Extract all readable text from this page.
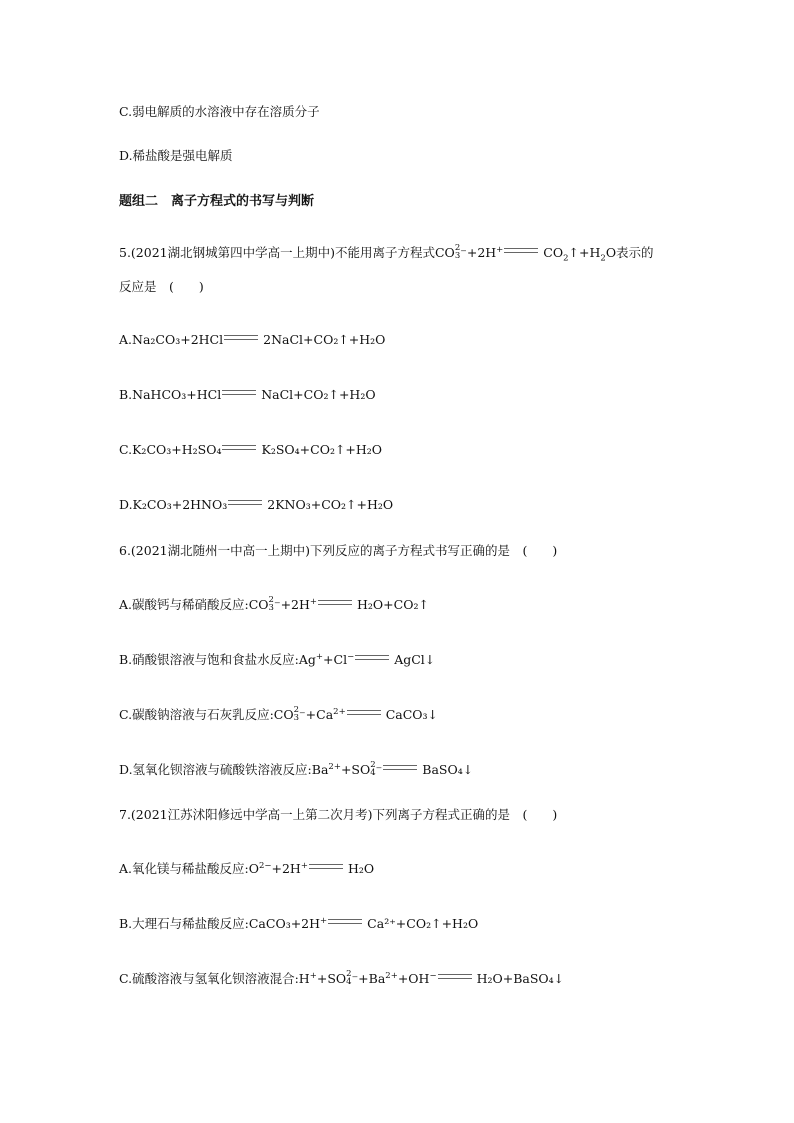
C.弱电解质的水溶液中存在溶质分子
D.稀盐酸是强电解质
题组二　离子方程式的书写与判断
5.(2021湖北钢城第四中学高一上期中)不能用离子方程式CO 2
3 ⁻+2H+	$CO_2↑+H_2O$表示的
反应是　(　　)
A.Na₂CO₃+2HCl	2NaCl+CO₂↑+H₂O
B.NaHCO₃+HCl	NaCl+CO₂↑+H₂O
C.K₂CO₃+H₂SO₄	K₂SO₄+CO₂↑+H₂O
D.K₂CO₃+2HNO₃	2KNO₃+CO₂↑+H₂O
6.(2021湖北随州一中高一上期中)下列反应的离子方程式书写正确的是　(　　)
A.碳酸钙与稀硝酸反应:CO 2
3 ⁻+2H+	H₂O+CO₂↑
B.硝酸银溶液与饱和食盐水反应:Ag++Cl−	AgCl↓
C.碳酸钠溶液与石灰乳反应:CO 2
3 $^-+Ca^{2+}$	CaCO₃↓
D.氢氧化钡溶液与硫酸铁溶液反应$:Ba^{2+}+SO$ 2
4 ⁻	BaSO₄↓
7.(2021江苏沭阳修远中学高一上第二次月考)下列离子方程式正确的是　(　　)
A.氧化镁与稀盐酸反应$:O^{2-}+2H^+$	H₂O
B.大理石与稀盐酸反应:CaCO₃+2H+	Ca²⁺+CO₂↑+H₂O
C.硫酸溶液与氢氧化钡溶液混合:H++SO 2
4 $^-+Ba^{2+}+OH^-$	H₂O+BaSO₄↓
